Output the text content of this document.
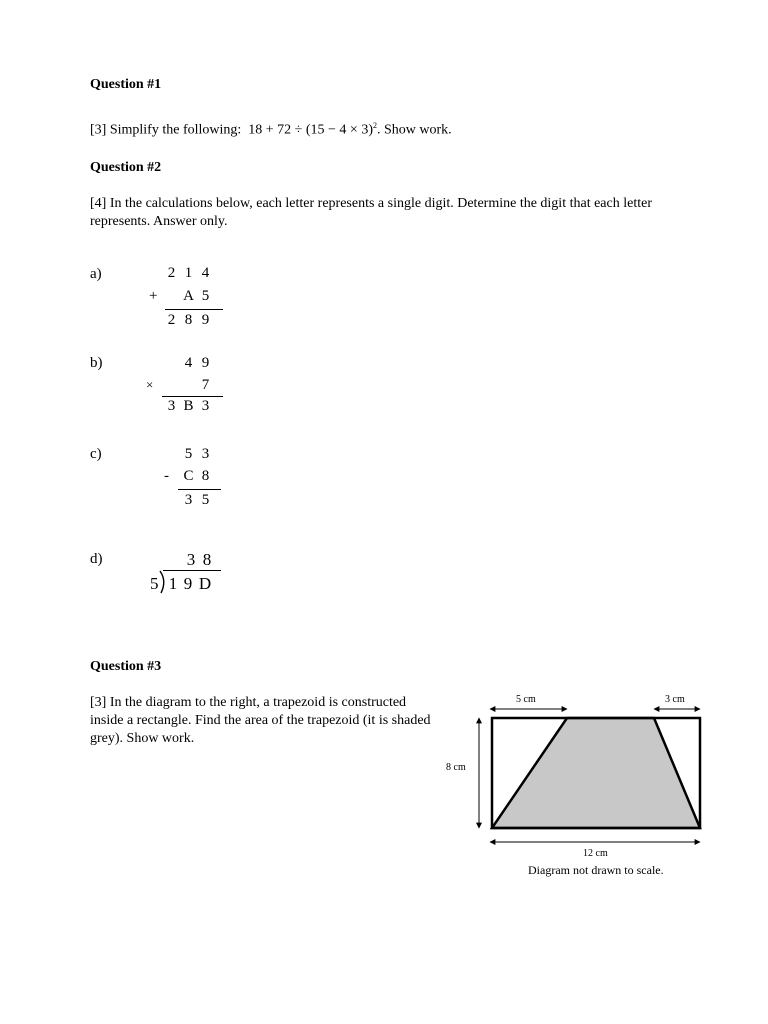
Question #1
[3] Simplify the following: $18 + 72 \div (15 - 4 \times 3)^2$. Show work.
Question #2
[4] In the calculations below, each letter represents a single digit. Determine the digit that each letter represents. Answer only.
a)	2 1 4
+ A 5
2 8 9
b)	4 9
×	7
3 B 3
c)	5 3
- C 8
3 5
d)	3 8
5 1 9 D
Question #3
[3] In the diagram to the right, a trapezoid is constructed inside a rectangle. Find the area of the trapezoid (it is shaded grey). Show work.
5 cm	3 cm
8 cm
12 cm
Diagram not drawn to scale.
